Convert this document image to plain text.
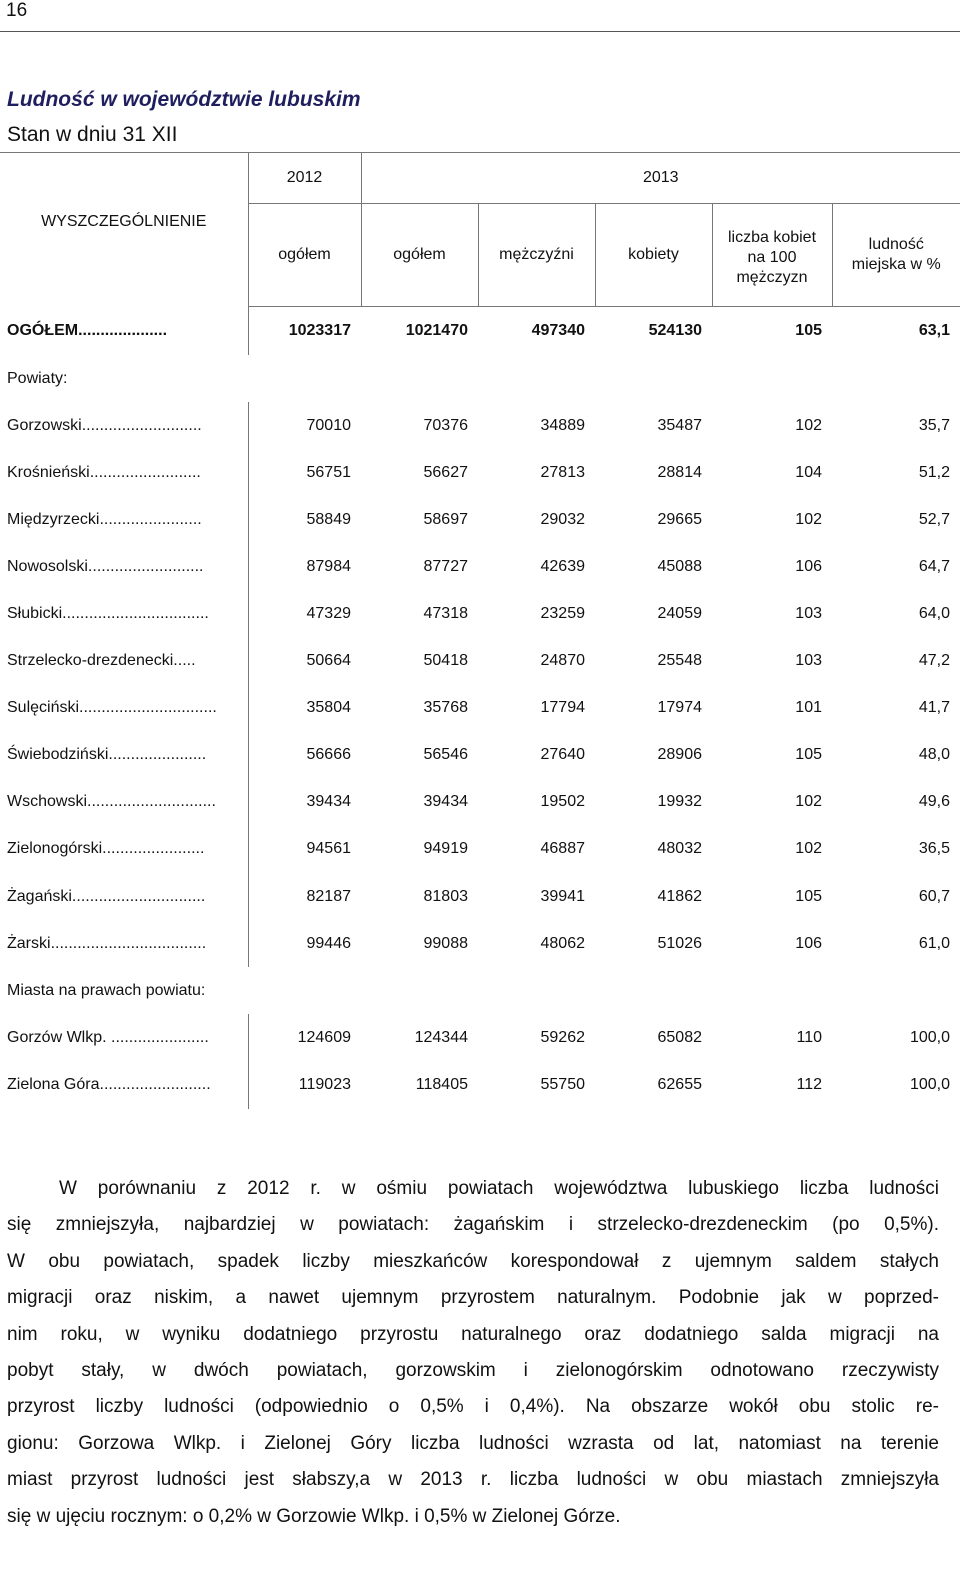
16
Ludność w województwie lubuskim
Stan w dniu 31 XII
WYSZCZEGÓLNIENIE	2012	2013				
	ogółem	ogółem	mężczyźni	kobiety	liczba kobiet
na 100
mężczyzn	ludność
miejska w %
OGÓŁEM....................	1023317	1021470	497340	524130	105	63,1
Powiaty:						
Gorzowski...........................	70010	70376	34889	35487	102	35,7
Krośnieński.........................	56751	56627	27813	28814	104	51,2
Międzyrzecki.......................	58849	58697	29032	29665	102	52,7
Nowosolski..........................	87984	87727	42639	45088	106	64,7
Słubicki.................................	47329	47318	23259	24059	103	64,0
Strzelecko-drezdenecki.....	50664	50418	24870	25548	103	47,2
Sulęciński...............................	35804	35768	17794	17974	101	41,7
Świebodziński......................	56666	56546	27640	28906	105	48,0
Wschowski.............................	39434	39434	19502	19932	102	49,6
Zielonogórski.......................	94561	94919	46887	48032	102	36,5
Żagański..............................	82187	81803	39941	41862	105	60,7
Żarski...................................	99446	99088	48062	51026	106	61,0
Miasta na prawach powiatu:						
Gorzów Wlkp. ......................	124609	124344	59262	65082	110	100,0
Zielona Góra.........................	119023	118405	55750	62655	112	100,0
W porównaniu z 2012 r. w ośmiu powiatach województwa lubuskiego liczba ludności
się zmniejszyła, najbardziej w powiatach: żagańskim i strzelecko-drezdeneckim (po 0,5%).
W obu powiatach, spadek liczby mieszkańców korespondował z ujemnym saldem stałych
migracji oraz niskim, a nawet ujemnym przyrostem naturalnym. Podobnie jak w poprzed-
nim roku, w wyniku dodatniego przyrostu naturalnego oraz dodatniego salda migracji na
pobyt stały, w dwóch powiatach, gorzowskim i zielonogórskim odnotowano rzeczywisty
przyrost liczby ludności (odpowiednio o 0,5% i 0,4%). Na obszarze wokół obu stolic re-
gionu: Gorzowa Wlkp. i Zielonej Góry liczba ludności wzrasta od lat, natomiast na terenie
miast przyrost ludności jest słabszy,a w 2013 r. liczba ludności w obu miastach zmniejszyła
się w ujęciu rocznym: o 0,2% w Gorzowie Wlkp. i 0,5% w Zielonej Górze.
